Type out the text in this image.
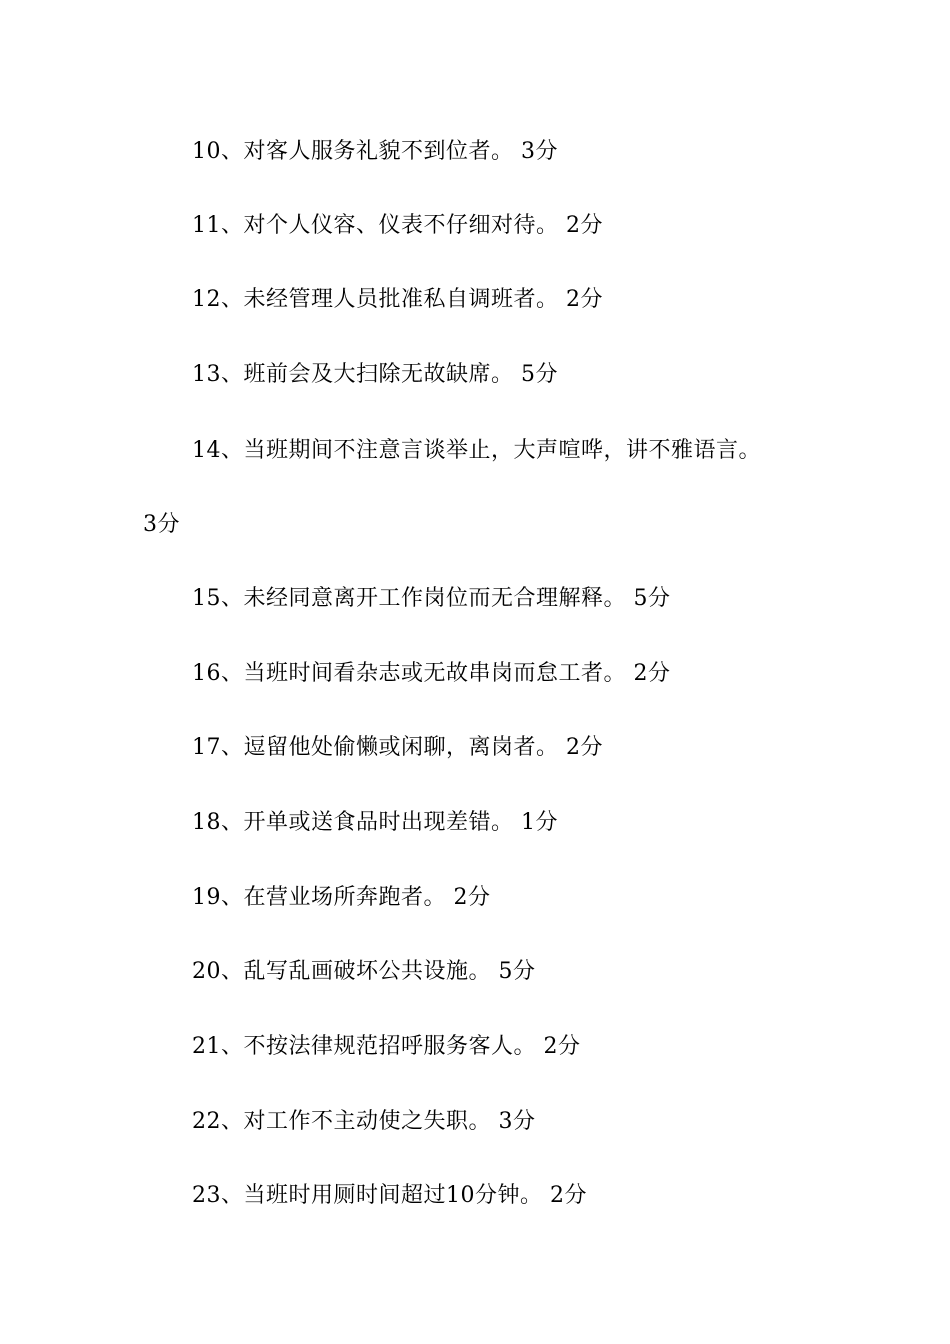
10、对客人服务礼貌不到位者。 3分
11、对个人仪容、仪表不仔细对待。 2分
12、未经管理人员批准私自调班者。 2分
13、班前会及大扫除无故缺席。 5分
14、当班期间不注意言谈举止，大声喧哗，讲不雅语言。
3分
15、未经同意离开工作岗位而无合理解释。 5分
16、当班时间看杂志或无故串岗而怠工者。 2分
17、逗留他处偷懒或闲聊，离岗者。 2分
18、开单或送食品时出现差错。 1分
19、在营业场所奔跑者。 2分
20、乱写乱画破坏公共设施。 5分
21、不按法律规范招呼服务客人。 2分
22、对工作不主动使之失职。 3分
23、当班时用厕时间超过10分钟。 2分
